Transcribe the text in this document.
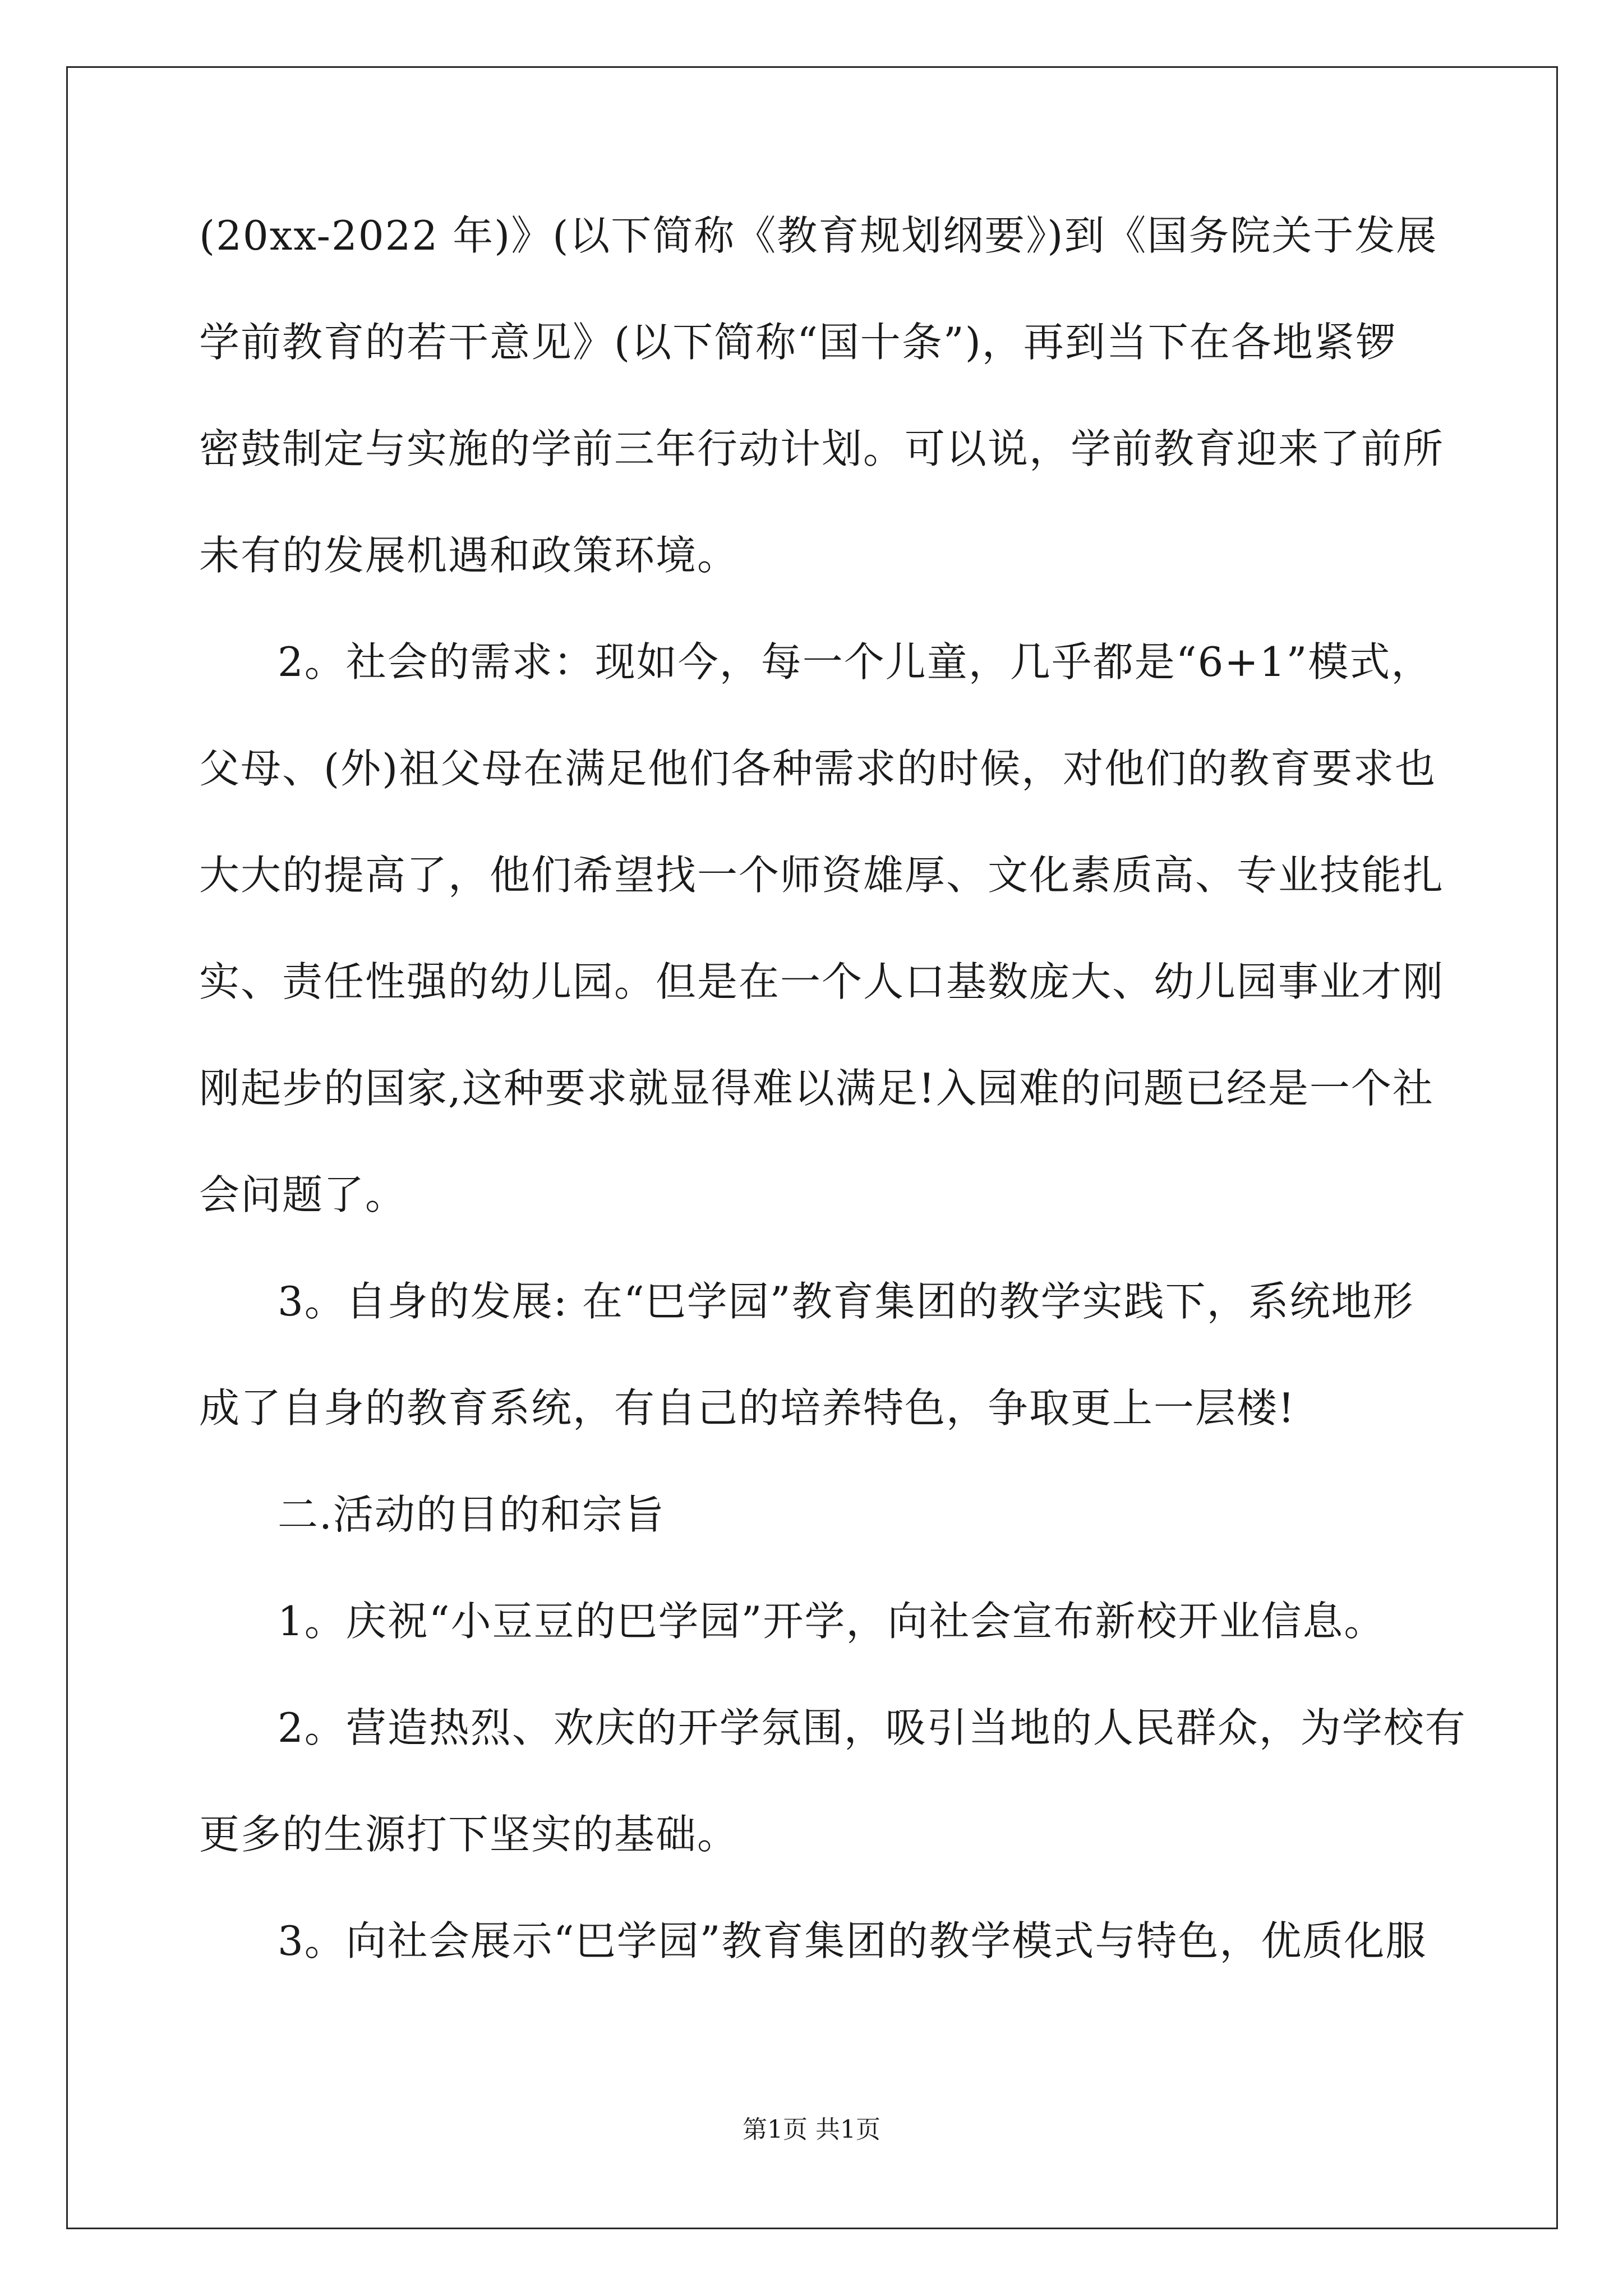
(20xx-2022 年)》(以下简称《教育规划纲要》)到《国务院关于发展
学前教育的若干意见》(以下简称“国十条”)，再到当下在各地紧锣
密鼓制定与实施的学前三年行动计划。可以说，学前教育迎来了前所
未有的发展机遇和政策环境。
2。社会的需求：现如今，每一个儿童，几乎都是“6+1”模式，
父母、(外)祖父母在满足他们各种需求的时候，对他们的教育要求也
大大的提高了，他们希望找一个师资雄厚、文化素质高、专业技能扎
实、责任性强的幼儿园。但是在一个人口基数庞大、幼儿园事业才刚
刚起步的国家,这种要求就显得难以满足!入园难的问题已经是一个社
会问题了。
3。自身的发展: 在“巴学园”教育集团的教学实践下，系统地形
成了自身的教育系统，有自己的培养特色，争取更上一层楼!
二.活动的目的和宗旨
1。庆祝“小豆豆的巴学园”开学，向社会宣布新校开业信息。
2。营造热烈、欢庆的开学氛围，吸引当地的人民群众，为学校有
更多的生源打下坚实的基础。
3。向社会展示“巴学园”教育集团的教学模式与特色，优质化服
第1页 共1页
